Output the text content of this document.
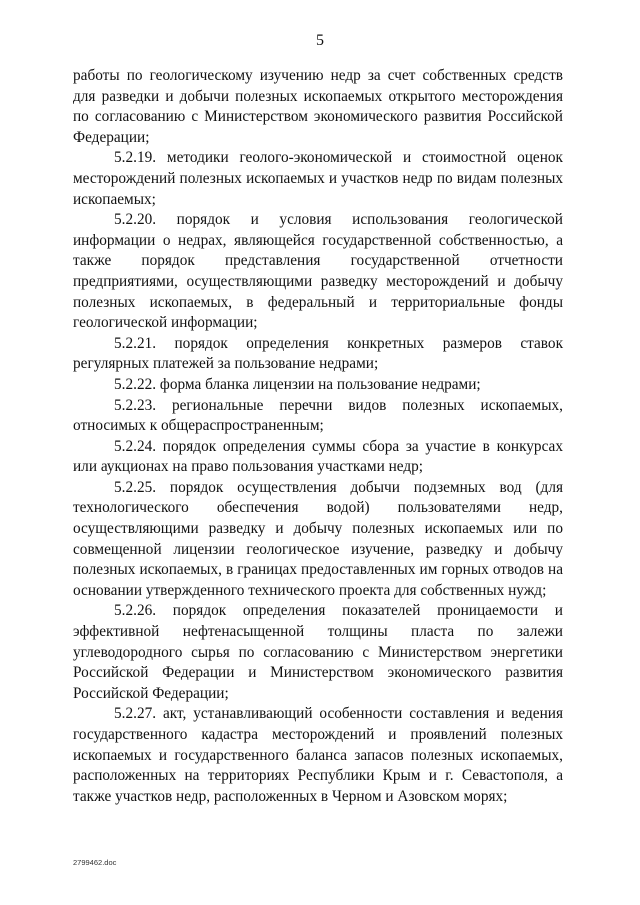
5

работы по геологическому изучению недр за счет собственных средств для разведки и добычи полезных ископаемых открытого месторождения по согласованию с Министерством экономического развития Российской Федерации;

5.2.19. методики геолого-экономической и стоимостной оценок месторождений полезных ископаемых и участков недр по видам полезных ископаемых;

5.2.20. порядок и условия использования геологической информации о недрах, являющейся государственной собственностью, а также порядок представления государственной отчетности предприятиями, осуществляющими разведку месторождений и добычу полезных ископаемых, в федеральный и территориальные фонды геологической информации;

5.2.21. порядок определения конкретных размеров ставок регулярных платежей за пользование недрами;

5.2.22. форма бланка лицензии на пользование недрами;

5.2.23. региональные перечни видов полезных ископаемых, относимых к общераспространенным;

5.2.24. порядок определения суммы сбора за участие в конкурсах или аукционах на право пользования участками недр;

5.2.25. порядок осуществления добычи подземных вод (для технологического обеспечения водой) пользователями недр, осуществляющими разведку и добычу полезных ископаемых или по совмещенной лицензии геологическое изучение, разведку и добычу полезных ископаемых, в границах предоставленных им горных отводов на основании утвержденного технического проекта для собственных нужд;

5.2.26. порядок определения показателей проницаемости и эффективной нефтенасыщенной толщины пласта по залежи углеводородного сырья по согласованию с Министерством энергетики Российской Федерации и Министерством экономического развития Российской Федерации;

5.2.27. акт, устанавливающий особенности составления и ведения государственного кадастра месторождений и проявлений полезных ископаемых и государственного баланса запасов полезных ископаемых, расположенных на территориях Республики Крым и г. Севастополя, а также участков недр, расположенных в Черном и Азовском морях;

2799462.doc
